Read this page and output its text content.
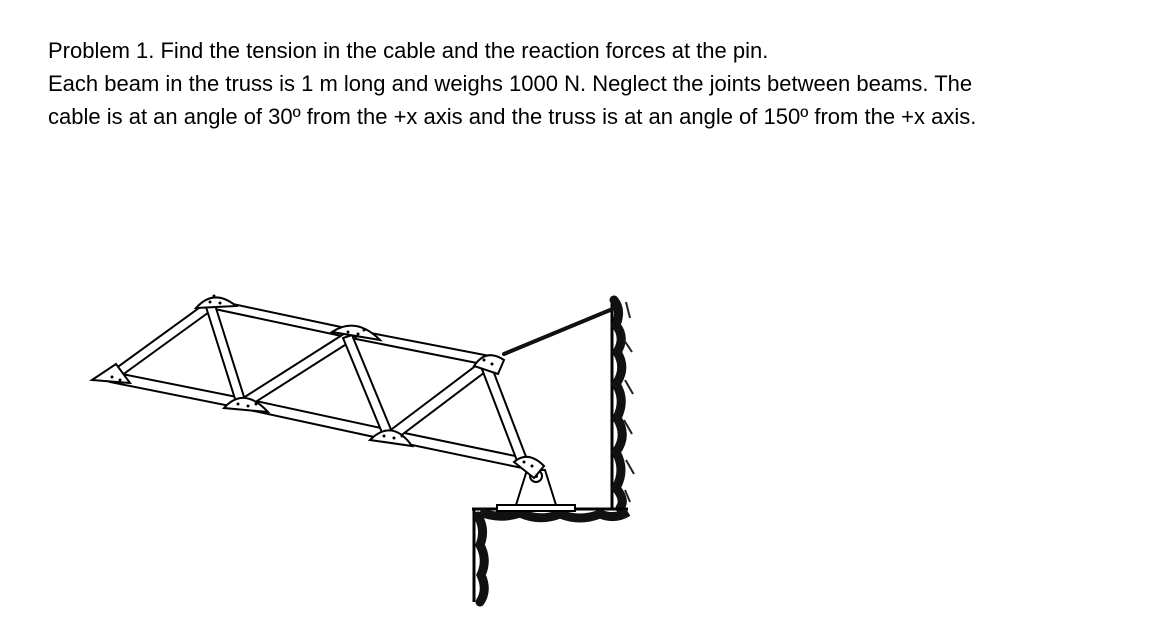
Problem 1. Find the tension in the cable and the reaction forces at the pin.

Each beam in the truss is 1 m long and weighs 1000 N. Neglect the joints between beams. The

cable is at an angle of 30º from the +x axis and the truss is at an angle of 150º from the +x axis.
